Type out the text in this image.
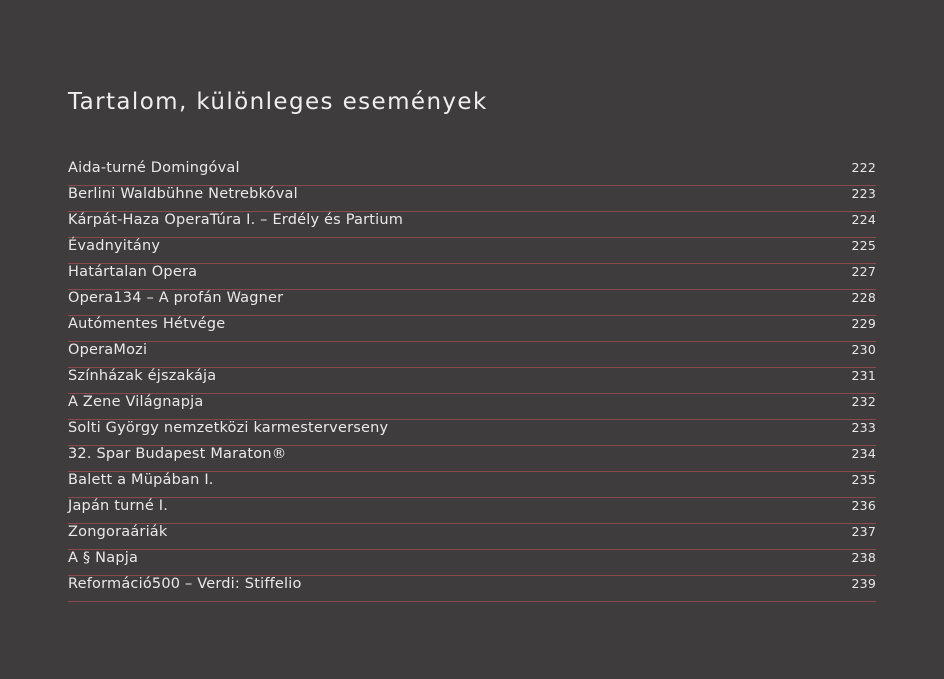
Tartalom, különleges események
Aida-turné Domingóval	222
Berlini Waldbühne Netrebkóval	223
Kárpát-Haza OperaTúra I. – Erdély és Partium	224
Évadnyitány	225
Határtalan Opera	227
Opera134 – A profán Wagner	228
Autómentes Hétvége	229
OperaMozi	230
Színházak éjszakája	231
A Zene Világnapja	232
Solti György nemzetközi karmesterverseny	233
32. Spar Budapest Maraton®	234
Balett a Müpában I.	235
Japán turné I.	236
Zongoraáriák	237
A § Napja	238
Reformáció500 – Verdi: Stiffelio	239
